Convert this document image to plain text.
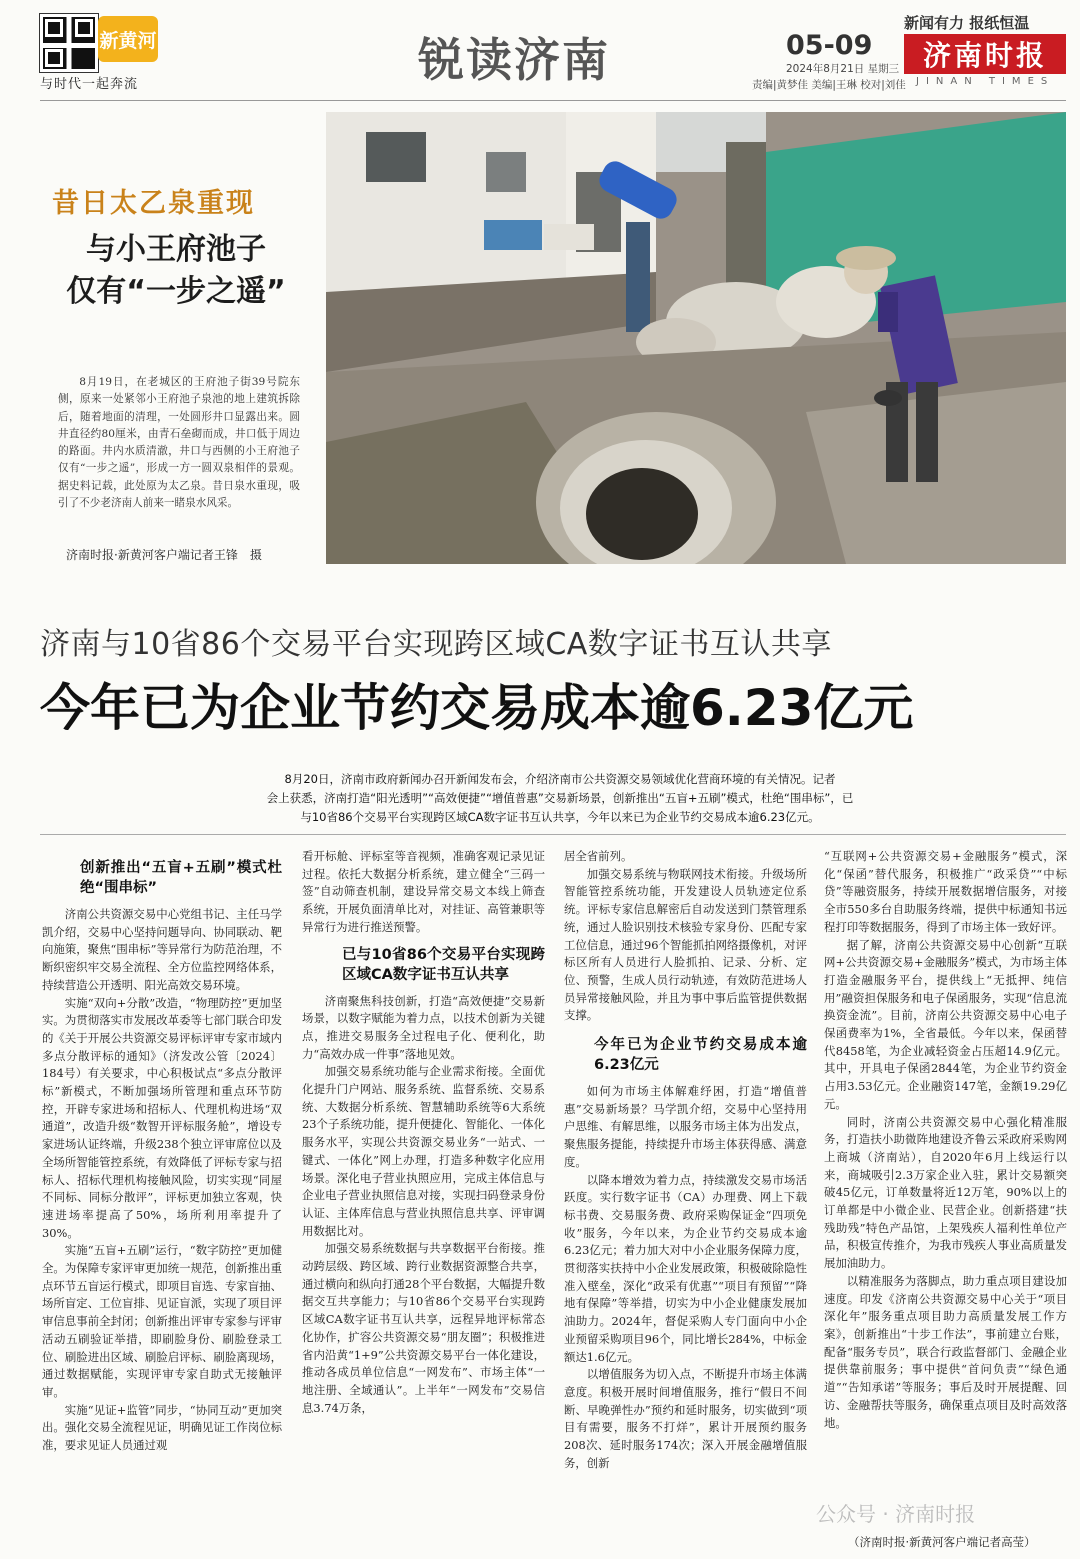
新黄河
与时代一起奔流	锐读济南
新闻有力 报纸恒温
05-09
2024年8月21日 星期三
责编|黄梦佳 美编|王琳 校对|刘佳
济南时报
JINAN TIMES
昔日太乙泉重现
与小王府池子
仅有“一步之遥”
8月19日，在老城区的王府池子街39号院东侧，原来一处紧邻小王府池子泉池的地上建筑拆除后，随着地面的清理，一处圆形井口显露出来。圆井直径约80厘米，由青石垒砌而成，井口低于周边的路面。井内水质清澈，井口与西侧的小王府池子仅有“一步之遥”，形成一方一圆双泉相伴的景观。据史料记载，此处原为太乙泉。昔日泉水重现，吸引了不少老济南人前来一睹泉水风采。
济南时报·新黄河客户端记者王锋　摄
济南与10省86个交易平台实现跨区域CA数字证书互认共享
今年已为企业节约交易成本逾6.23亿元
8月20日，济南市政府新闻办召开新闻发布会，介绍济南市公共资源交易领域优化营商环境的有关情况。记者
会上获悉，济南打造“阳光透明”“高效便捷”“增值普惠”交易新场景，创新推出“五盲+五刷”模式，杜绝“围串标”，已
与10省86个交易平台实现跨区域CA数字证书互认共享，今年以来已为企业节约交易成本逾6.23亿元。
创新推出“五盲+五刷”模式杜绝“围串标”

济南公共资源交易中心党组书记、主任马学凯介绍，交易中心坚持问题导向、协同联动、靶向施策，聚焦“围串标”等异常行为防范治理，不断织密织牢交易全流程、全方位监控网络体系，持续营造公开透明、阳光高效交易环境。

实施“双向+分散”改造，“物理防控”更加坚实。为贯彻落实市发展改革委等七部门联合印发的《关于开展公共资源交易评标评审专家市域内多点分散评标的通知》（济发改公管〔2024〕184号）有关要求，中心积极试点“多点分散评标”新模式，不断加强场所管理和重点环节防控，开辟专家进场和招标人、代理机构进场“双通道”，改造升级“数智开评标服务舱”，增设专家进场认证终端，升级238个独立评审席位以及全场所智能管控系统，有效降低了评标专家与招标人、招标代理机构接触风险，切实实现“同屋不同标、同标分散评”，评标更加独立客观，快速进场率提高了50%，场所利用率提升了30%。

实施“五盲+五刷”运行，“数字防控”更加健全。为保障专家评审更加统一规范，创新推出重点环节五盲运行模式，即项目盲选、专家盲抽、场所盲定、工位盲排、见证盲派，实现了项目评审信息事前全封闭；创新推出评审专家参与评审活动五刷验证举措，即刷脸身份、刷脸登录工位、刷脸进出区域、刷脸启评标、刷脸离现场，通过数据赋能，实现评审专家自助式无接触评审。

实施“见证+监管”同步，“协同互动”更加突出。强化交易全流程见证，明确见证工作岗位标准，要求见证人员通过观

看开标舱、评标室等音视频，准确客观记录见证过程。依托大数据分析系统，建立健全“三码一签”自动筛查机制，建设异常交易文本线上筛查系统，开展负面清单比对，对挂证、高管兼职等异常行为进行推送预警。

已与10省86个交易平台实现跨区域CA数字证书互认共享

济南聚焦科技创新，打造“高效便捷”交易新场景，以数字赋能为着力点，以技术创新为关键点，推进交易服务全过程电子化、便利化，助力“高效办成一件事”落地见效。

加强交易系统功能与企业需求衔接。全面优化提升门户网站、服务系统、监督系统、交易系统、大数据分析系统、智慧辅助系统等6大系统23个子系统功能，提升便捷化、智能化、一体化服务水平，实现公共资源交易业务“一站式、一键式、一体化”网上办理，打造多种数字化应用场景。深化电子营业执照应用，完成主体信息与企业电子营业执照信息对接，实现扫码登录身份认证、主体库信息与营业执照信息共享、评审调用数据比对。

加强交易系统数据与共享数据平台衔接。推动跨层级、跨区域、跨行业数据资源整合共享，通过横向和纵向打通28个平台数据，大幅提升数据交互共享能力；与10省86个交易平台实现跨区域CA数字证书互认共享，远程异地评标常态化协作，扩容公共资源交易“朋友圈”；积极推进省内沿黄“1+9”公共资源交易平台一体化建设，推动各成员单位信息“一网发布”、市场主体“一地注册、全域通认”。上半年“一网发布”交易信息3.74万条，

居全省前列。

加强交易系统与物联网技术衔接。升级场所智能管控系统功能，开发建设人员轨迹定位系统。评标专家信息解密后自动发送到门禁管理系统，通过人脸识别技术核验专家身份、匹配专家工位信息，通过96个智能抓拍网络摄像机，对评标区所有人员进行人脸抓拍、记录、分析、定位、预警，生成人员行动轨迹，有效防范进场人员异常接触风险，并且为事中事后监管提供数据支撑。

今年已为企业节约交易成本逾6.23亿元

如何为市场主体解难纾困，打造“增值普惠”交易新场景？马学凯介绍，交易中心坚持用户思维、有解思维，以服务市场主体为出发点，聚焦服务提能，持续提升市场主体获得感、满意度。

以降本增效为着力点，持续激发交易市场活跃度。实行数字证书（CA）办理费、网上下载标书费、交易服务费、政府采购保证金“四项免收”服务，今年以来，为企业节约交易成本逾6.23亿元；着力加大对中小企业服务保障力度，贯彻落实扶持中小企业发展政策，积极破除隐性准入壁垒，深化“政采有优惠”“项目有预留”“降地有保障”等举措，切实为中小企业健康发展加油助力。2024年，督促采购人专门面向中小企业预留采购项目96个，同比增长284%，中标金额达1.6亿元。

以增值服务为切入点，不断提升市场主体满意度。积极开展时间增值服务，推行“假日不间断、早晚弹性办”预约和延时服务，切实做到“项目有需要，服务不打烊”，累计开展预约服务208次、延时服务174次；深入开展金融增值服务，创新

“互联网+公共资源交易+金融服务”模式，深化“保函”替代服务，积极推广“政采贷”“中标贷”等融资服务，持续开展数据增信服务，对接全市550多台自助服务终端，提供中标通知书远程打印等数据服务，得到了市场主体一致好评。

据了解，济南公共资源交易中心创新“互联网+公共资源交易+金融服务”模式，为市场主体打造金融服务平台，提供线上“无抵押、纯信用”融资担保服务和电子保函服务，实现“信息流换资金流”。目前，济南公共资源交易中心电子保函费率为1%，全省最低。今年以来，保函替代8458笔，为企业减轻资金占压超14.9亿元。其中，开具电子保函2844笔，为企业节约资金占用3.53亿元。企业融资147笔，金额19.29亿元。

同时，济南公共资源交易中心强化精准服务，打造扶小助微阵地建设齐鲁云采政府采购网上商城（济南站），自2020年6月上线运行以来，商城吸引2.3万家企业入驻，累计交易额突破45亿元，订单数量将近12万笔，90%以上的订单都是中小微企业、民营企业。创新搭建“扶残助残”特色产品馆，上架残疾人福利性单位产品，积极宣传推介，为我市残疾人事业高质量发展加油助力。

以精准服务为落脚点，助力重点项目建设加速度。印发《济南公共资源交易中心关于“项目深化年”服务重点项目助力高质量发展工作方案》，创新推出“十步工作法”，事前建立台账，配备“服务专员”，联合行政监督部门、金融企业提供靠前服务；事中提供“首问负责”“绿色通道”“告知承诺”等服务；事后及时开展提醒、回访、金融帮扶等服务，确保重点项目及时高效落地。

公众号 · 济南时报
（济南时报·新黄河客户端记者高莹）
